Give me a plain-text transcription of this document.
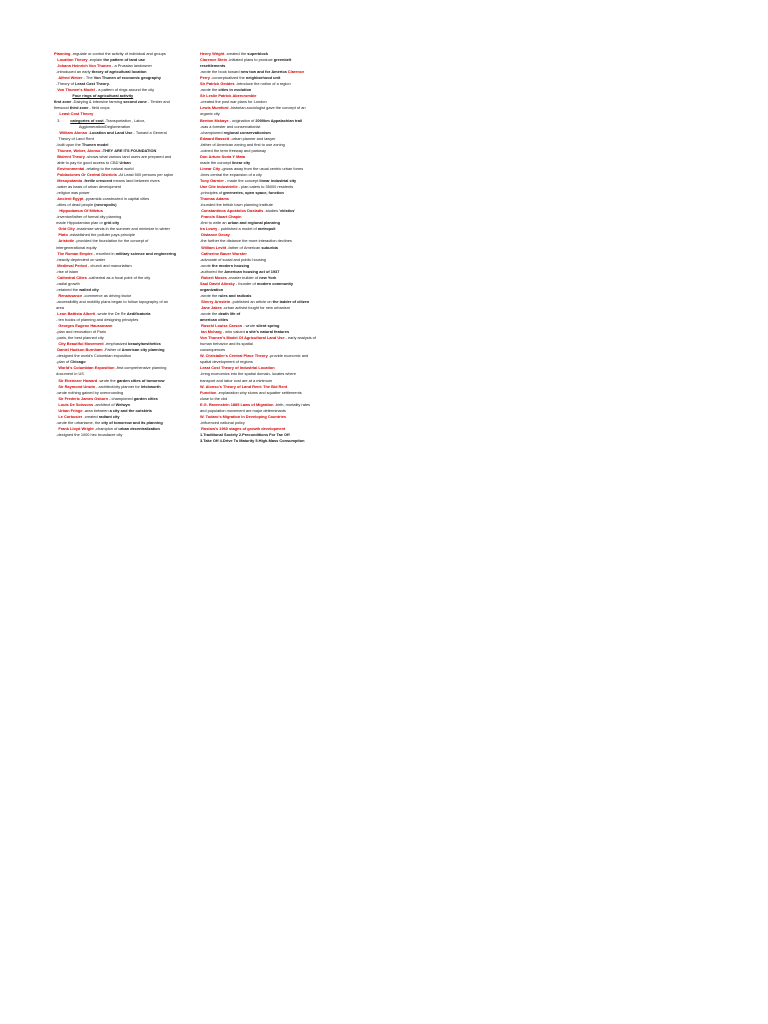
Planning -regulate or control the activity of individual and groups
Location Theory -explain the pattern of land use
Johann Heinrich Von Thunen - a Prussian landowner
-introduced an early theory of agricultural location
Alfred Weber - The Von Thunen of economic geography
-Theory of Least Cost Theory.
Von Thunen's Model - a pattern of rings around the city
Four rings of agricultural activity
first zone -Dairying & intensive farming second zone - Timber and
firewood third zone - field crops
Least Cost Theory
3          categories of cost -Transportation , Labor,
Agglomeration/Deglomeration
William Alonso -Location and Land Use - Toward a General
Theory of Land Rent
-built upon the Thunen model
Thunen, Weber, Alonso -THEY ARE ITS FOUNDATION
Bidrent Theory -shows what various land users are prepared and
able to pay for good access to CBD Urban
Environmental -relating to the natural world
Poblaciones Or Central Districts -At Least 500 persons per sqkm
Mesopotamia -fertile crescent means land between rivers
-water as basis of urban development
-religion was power
Ancient Egypt -pyramids constructed in capital cities
-cities of dead people (necropolis)
Hippodamus Of Miletus
-inventor/father of formal city planning
made Hippodamian plan or grid city
Grid City -maximize winds in the summer and minimize in winter
Plato -established the polluter pays principle
Aristotle -provided the foundation for the concept of
intergenerational equity
The Roman Empire - excelled in military science and engineering
-heavily dependent on water
Medieval Period - church and manorialism
-rise of islam
Cathedral Cities -cathedral as a focal point of the city
-radial growth
-retained the walled city
Renaissance -commerce as driving factor
-accessibility and mobility plans began to follow topography of an
area
Leon Battista Alberti -wrote the De Re Aedificatoria
- ten books of planning and designing principles
Georges Eugene Haussmann
-plan and renovation of Paris
-paris, the best planned city
City Beautiful Movement -emphasized beauty/aesthetics
Daniel Hudson Burnham -Father of American city planning
-designed the world's Columbian exposition
-plan of Chicago
World's Columbian Exposition -first comprehensive planning
document in US
Sir Ebenezer Howard -wrote the garden cities of tomorrow
Sir Raymond Unwin - architect/city planner for letchworth
-wrote nothing gained by overcrowding
Sir Frederic James Osborn - championed garden cities
Louis De Soissons -architect of Welwyn
Urban Fringe -area between a city and the outskirts
Le Corbusier -created radiant city
-wrote the urbanisme, the city of tomorrow and its planning
Frank Lloyd Wright -champion of urban decentralization
-designed the 1000 hec broadacre city
Henry Wright -created the superblock
Clarence Stein -initiated plans to produce greenbelt
resettlements
-wrote the book toward new tow and for America Clarence
Perry -conceptualized the neighborhood unit
Sir Patrick Geddes -introduce the notion of a region
-wrote the cities in evolution
Sir Leslie Patrick Abercrombie
-created the post war plans for London
Lewis Mumford -historian-sociologist gave the concept of an
organic city
Benton Mckaye - origination of 2000km Appalachian trail
-was a forester and conservationist
-championed regional conservationism
Edward Bassett -urban planner and lawyer
-father of American zoning and first to use zoning
-coined the term freeway and parkway
Don Arturo Soria Y Mata
made the concept linear city
Linear City -grows away from the usual centric urban forms
-lines central the expansion of a city
Tony Garnier - made the concept linear industrial city
Une Cite Industrielle - plan caters to 35000 residents
-principles of greeneries, open space, function
Thomas Adams
-founded the british town planning institute
Constantinos Apostolos Doxiadis -studies 'ekistics'
Francis Stuart Chapin
-first to write an urban and regional planning
Ira Lowry - published a model of metropoli
Distance Decay
-the further the distance the more interaction declines
William Levitt -father of American suburbia
Catherine Bauer Wurster
-advocate of social and public housing
-wrote the modern housing
-authored the American housing act of 1937
Robert Moses -master builder of new York
Saul David Alinsky - founder of modern community
organization
-wrote the rules and radicals
Sherry Arnstein -published an article on the ladder of citizen
Jane Jakes -urban activist fought for new urbanism
-wrote the death life of
american cities
Rosehl Louise Carson - wrote silent spring
Ian Mcharg - who valued a site's natural features
Von Thunen's Model Of Agricultural Land Use - early analysis of
human behavior and its spatial
consequences
W. Christaller's Central Place Theory -provide economic and
spatial development of regions
Least Cost Theory of Industrial Location
-bring economics into the spatial domain- locates where
transport and labor cost are at a minimum
W. Alonso's Theory of Land Rent: The Bid Rent
Function -explanation why slums and squatter settlements
close to the cbd
E.G. Ravenstein 1885 Laws of Migration -birth, mortality rates
and population movement are major determinants
W. Todaro's Migration in Developing Countries
-influenced national policy
Rostow's 1960 stages of growth development
1.Traditional Society 2.Preconditions For Tae Off
3.Take Off 4.Drive To Maturity 5.High-Mass Consumption
